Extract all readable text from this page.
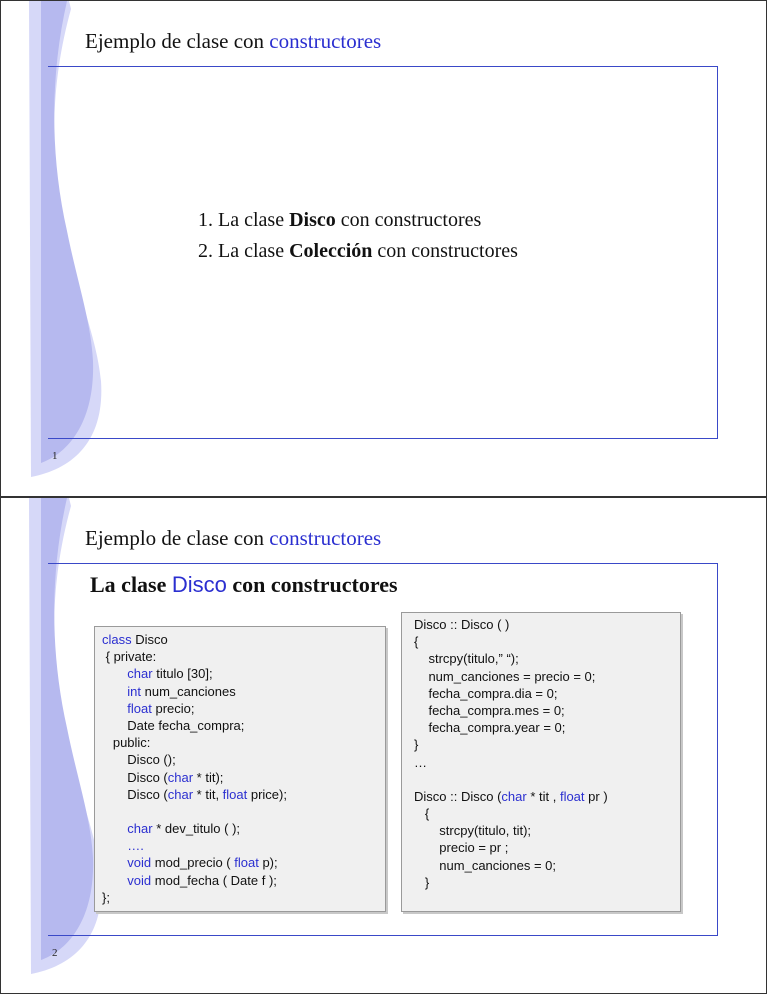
Ejemplo de clase con constructores
1. La clase Disco con constructores
2. La clase Colección con constructores
1
Ejemplo de clase con constructores
2
La clase Disco con constructores
class Disco
{ private:
char titulo [30];
int num_canciones
float precio;
Date fecha_compra;
public:
Disco ();
Disco (char * tit);
Disco (char * tit, float price);
char * dev_titulo ( );
….
void mod_precio ( float p);
void mod_fecha ( Date f );
};
Disco :: Disco ( )
{
strcpy(titulo,” “);
num_canciones = precio = 0;
fecha_compra.dia = 0;
fecha_compra.mes = 0;
fecha_compra.year = 0;
}
…
Disco :: Disco (char * tit , float pr )
{
strcpy(titulo, tit);
precio = pr ;
num_canciones = 0;
}
